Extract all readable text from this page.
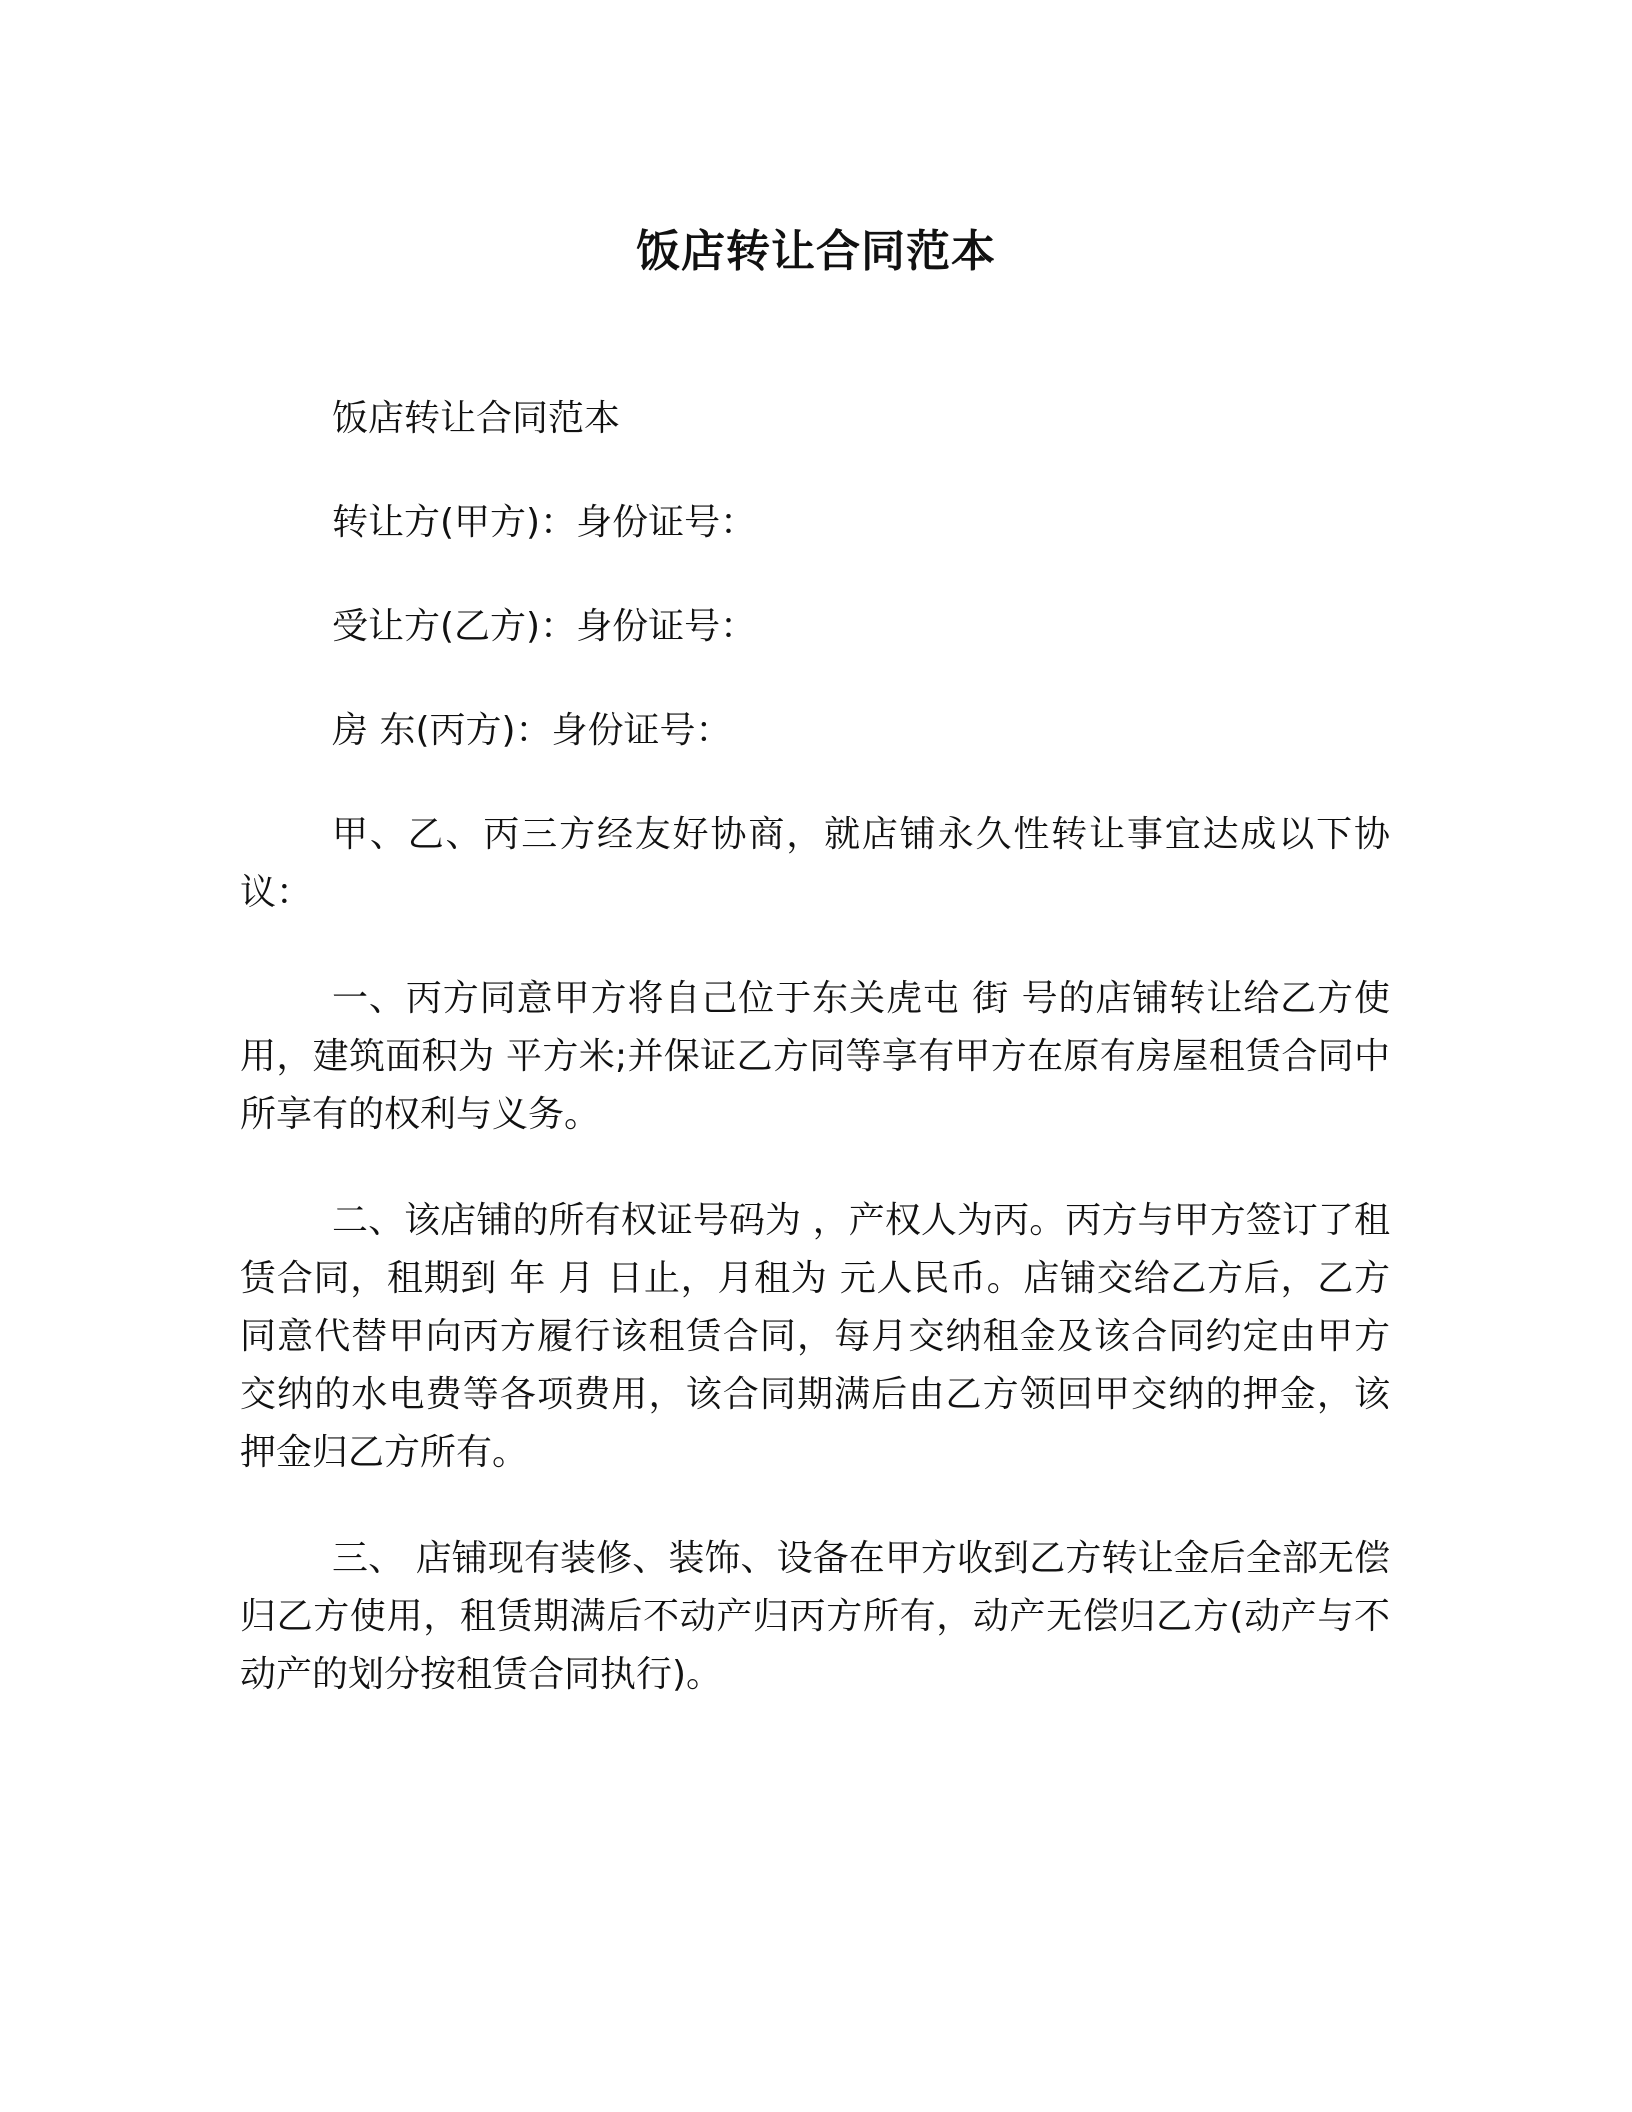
饭店转让合同范本

饭店转让合同范本

转让方(甲方)：身份证号：

受让方(乙方)：身份证号：

房 东(丙方)：身份证号：

甲、乙、丙三方经友好协商，就店铺永久性转让事宜达成以下协议：

一、丙方同意甲方将自己位于东关虎屯 街 号的店铺转让给乙方使用，建筑面积为 平方米;并保证乙方同等享有甲方在原有房屋租赁合同中所享有的权利与义务。

二、该店铺的所有权证号码为 ，产权人为丙。丙方与甲方签订了租赁合同，租期到 年 月 日止，月租为 元人民币。店铺交给乙方后，乙方同意代替甲向丙方履行该租赁合同，每月交纳租金及该合同约定由甲方交纳的水电费等各项费用，该合同期满后由乙方领回甲交纳的押金，该押金归乙方所有。

三、 店铺现有装修、装饰、设备在甲方收到乙方转让金后全部无偿归乙方使用，租赁期满后不动产归丙方所有，动产无偿归乙方(动产与不动产的划分按租赁合同执行)。
